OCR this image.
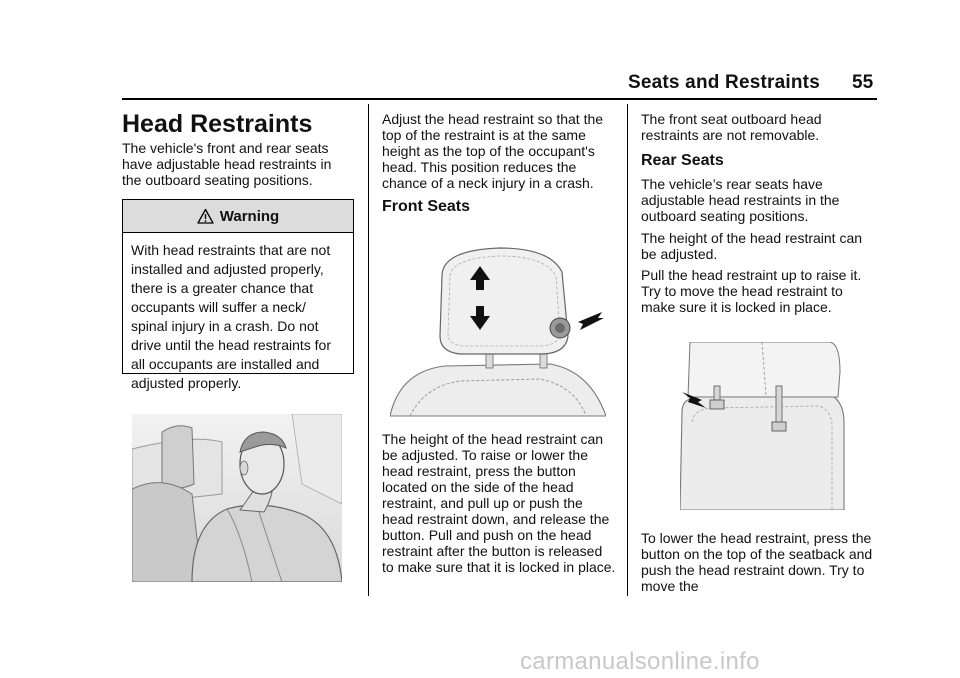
Seats and Restraints 55
Head Restraints
The vehicle's front and rear seats have adjustable head restraints in the outboard seating positions.
Warning
With head restraints that are not installed and adjusted properly, there is a greater chance that occupants will suffer a neck/ spinal injury in a crash. Do not drive until the head restraints for all occupants are installed and adjusted properly.
Adjust the head restraint so that the top of the restraint is at the same height as the top of the occupant's head. This position reduces the chance of a neck injury in a crash.
Front Seats
The height of the head restraint can be adjusted. To raise or lower the head restraint, press the button located on the side of the head restraint, and pull up or push the head restraint down, and release the button. Pull and push on the head restraint after the button is released to make sure that it is locked in place.
The front seat outboard head restraints are not removable.
Rear Seats
The vehicle’s rear seats have adjustable head restraints in the outboard seating positions.
The height of the head restraint can be adjusted.
Pull the head restraint up to raise it. Try to move the head restraint to make sure it is locked in place.
To lower the head restraint, press the button on the top of the seatback and push the head restraint down. Try to move the
carmanualsonline.info
